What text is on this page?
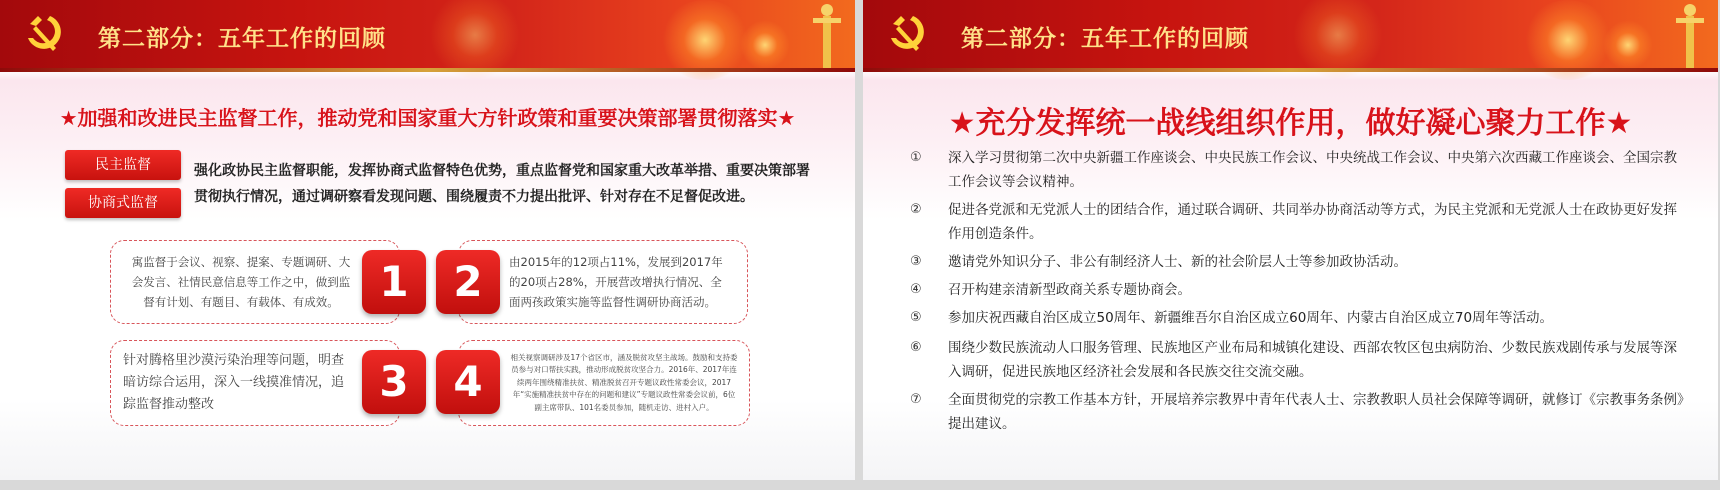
第二部分：五年工作的回顾
★加强和改进民主监督工作，推动党和国家重大方针政策和重要决策部署贯彻落实★
民主监督
协商式监督
强化政协民主监督职能，发挥协商式监督特色优势，重点监督党和国家重大改革举措、重要决策部署贯彻执行情况，通过调研察看发现问题、围绕履责不力提出批评、针对存在不足督促改进。
寓监督于会议、视察、提案、专题调研、大会发言、社情民意信息等工作之中，做到监督有计划、有题目、有载体、有成效。 1	由2015年的12项占11%，发展到2017年的20项占28%，开展营改增执行情况、全面两孩政策实施等监督性调研协商活动。
2
针对腾格里沙漠污染治理等问题，明查暗访综合运用，深入一线摸准情况，追踪监督推动整改	3	相关视察调研涉及17个省区市，涵及脱贫攻坚主战场。鼓励和支持委员参与对口帮扶实践，推动形成脱贫攻坚合力。2016年、2017年连续两年围绕精准扶贫、精准脱贫召开专题议政性常委会议，2017年“实施精准扶贫中存在的问题和建议”专题议政性常委会议前，6位副主席带队、101名委员参加，随机走访、进村入户。
4
第二部分：五年工作的回顾
★充分发挥统一战线组织作用，做好凝心聚力工作★
①	深入学习贯彻第二次中央新疆工作座谈会、中央民族工作会议、中央统战工作会议、中央第六次西藏工作座谈会、全国宗教工作会议等会议精神。
②	促进各党派和无党派人士的团结合作，通过联合调研、共同举办协商活动等方式，为民主党派和无党派人士在政协更好发挥作用创造条件。
③	邀请党外知识分子、非公有制经济人士、新的社会阶层人士等参加政协活动。
④	召开构建亲清新型政商关系专题协商会。
⑤	参加庆祝西藏自治区成立50周年、新疆维吾尔自治区成立60周年、内蒙古自治区成立70周年等活动。
⑥	围绕少数民族流动人口服务管理、民族地区产业布局和城镇化建设、西部农牧区包虫病防治、少数民族戏剧传承与发展等深入调研，促进民族地区经济社会发展和各民族交往交流交融。
⑦	全面贯彻党的宗教工作基本方针，开展培养宗教界中青年代表人士、宗教教职人员社会保障等调研，就修订《宗教事务条例》提出建议。
